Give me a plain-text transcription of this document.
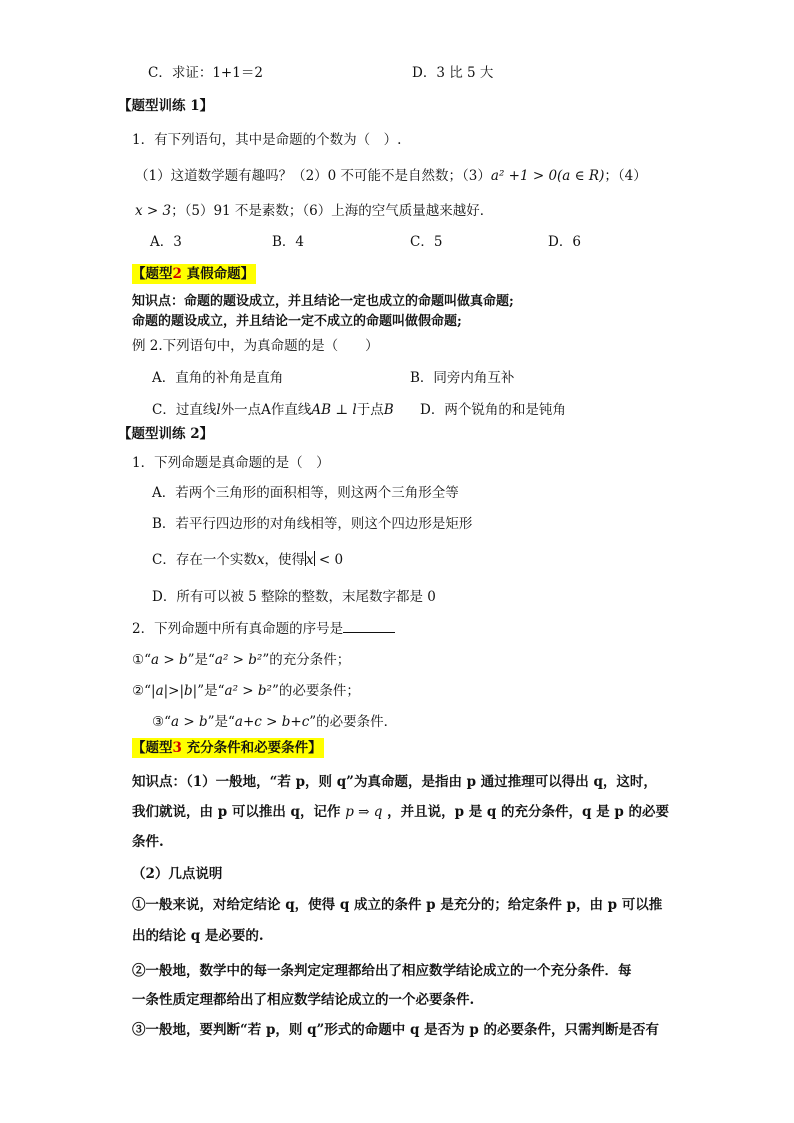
C．求证：1+1＝2	D．3 比 5 大
【题型训练 1】
1．有下列语句，其中是命题的个数为（　）.
（1）这道数学题有趣吗？（2）0 不可能不是自然数；（3）a² +1 > 0(a ∈ R)；（4）
x > 3；（5）91 不是素数；（6）上海的空气质量越来越好．
A．3	B．4	C．5	D．6
【题型2 真假命题】
知识点：命题的题设成立，并且结论一定也成立的命题叫做真命题;
命题的题设成立，并且结论一定不成立的命题叫做假命题;
例 2.下列语句中，为真命题的是（　　）
A．直角的补角是直角	B．同旁内角互补
C．过直线l外一点A作直线AB ⊥ l于点B D．两个锐角的和是钝角
【题型训练 2】
1．下列命题是真命题的是（　）
A．若两个三角形的面积相等，则这两个三角形全等
B．若平行四边形的对角线相等，则这个四边形是矩形
C．存在一个实数x，使得x < 0
D．所有可以被 5 整除的整数，末尾数字都是 0
2．下列命题中所有真命题的序号是
①“a > b”是“a² > b²”的充分条件；
②“|a|>|b|”是“a² > b²”的必要条件；
③“a > b”是“a+c > b+c”的必要条件．
【题型3 充分条件和必要条件】
知识点：（1）一般地，“若 p，则 q”为真命题，是指由 p 通过推理可以得出 q，这时，
我们就说，由 p 可以推出 q，记作 p ⇒ q ，并且说，p 是 q 的充分条件，q 是 p 的必要
条件.
（2）几点说明
①一般来说，对给定结论 q，使得 q 成立的条件 p 是充分的；给定条件 p，由 p 可以推
出的结论 q 是必要的.
②一般地，数学中的每一条判定定理都给出了相应数学结论成立的一个充分条件．每
一条性质定理都给出了相应数学结论成立的一个必要条件.
③一般地，要判断“若 p，则 q”形式的命题中 q 是否为 p 的必要条件，只需判断是否有
